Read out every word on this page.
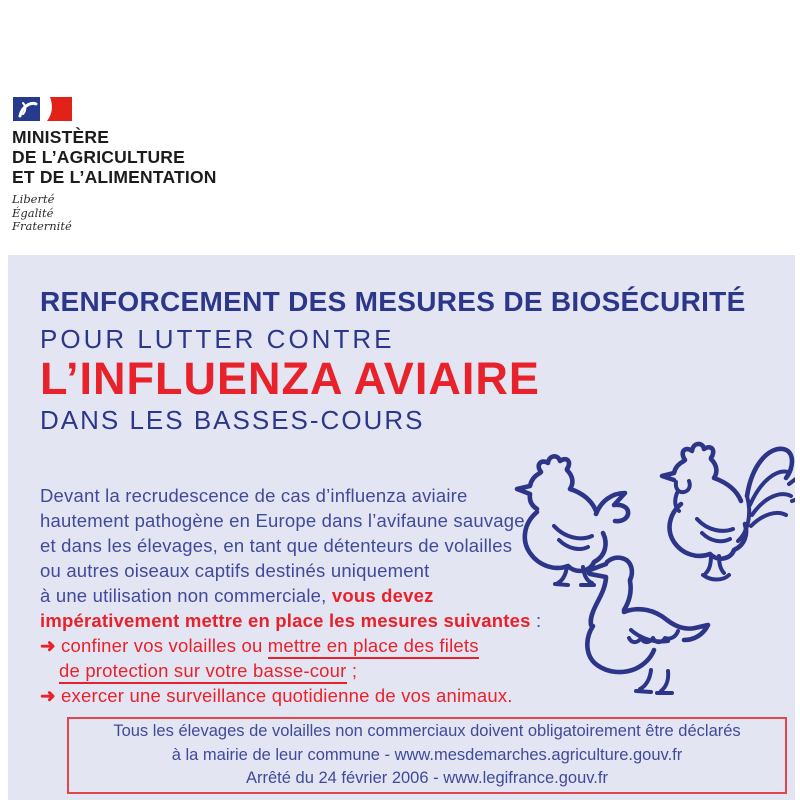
MINISTÈRE
DE L’AGRICULTURE
ET DE L’ALIMENTATION
Liberté
Égalité
Fraternité
RENFORCEMENT DES MESURES DE BIOSÉCURITÉ
POUR LUTTER CONTRE
L’INFLUENZA AVIAIRE
DANS LES BASSES-COURS
Devant la recrudescence de cas d’influenza aviaire
hautement pathogène en Europe dans l’avifaune sauvage
et dans les élevages, en tant que détenteurs de volailles
ou autres oiseaux captifs destinés uniquement
à une utilisation non commerciale, vous devez
impérativement mettre en place les mesures suivantes :
➜ confiner vos volailles ou mettre en place des filets
de protection sur votre basse-cour ;
➜ exercer une surveillance quotidienne de vos animaux.
Tous les élevages de volailles non commerciaux doivent obligatoirement être déclarés
à la mairie de leur commune - www.mesdemarches.agriculture.gouv.fr
Arrêté du 24 février 2006 - www.legifrance.gouv.fr
